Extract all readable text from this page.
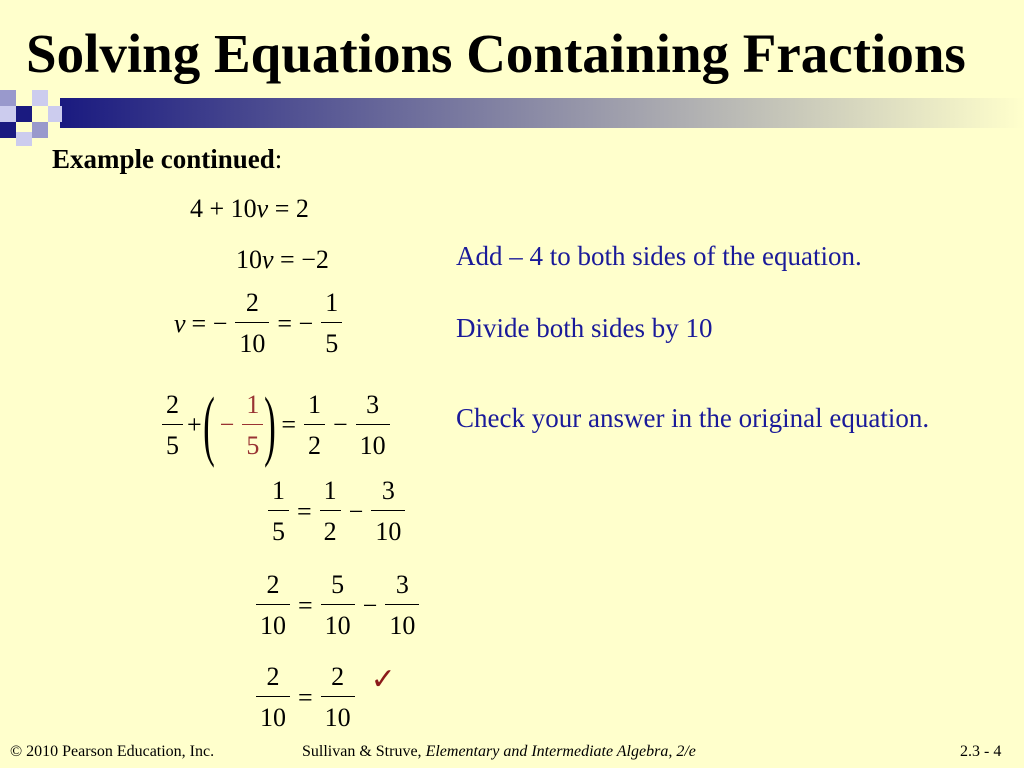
Solving Equations Containing Fractions
Example continued:
4 + 10v = 2
10v = −2
v = − $\frac{2}{10}$ = − $\frac{1}{5}$
$\frac{2}{5}$ + ( − $\frac{1}{5}$ ) = $\frac{1}{2} - \frac{3}{10}$
$\frac{1}{5} = \frac{1}{2} - \frac{3}{10}$
$\frac{2}{10} = \frac{5}{10} - \frac{3}{10}$
$\frac{2}{10} = \frac{2}{10}$ ✓
Add – 4 to both sides of the equation.
Divide both sides by 10
Check your answer in the original equation.
© 2010 Pearson Education, Inc.	Sullivan & Struve, Elementary and Intermediate Algebra, 2/e	2.3 - 4
